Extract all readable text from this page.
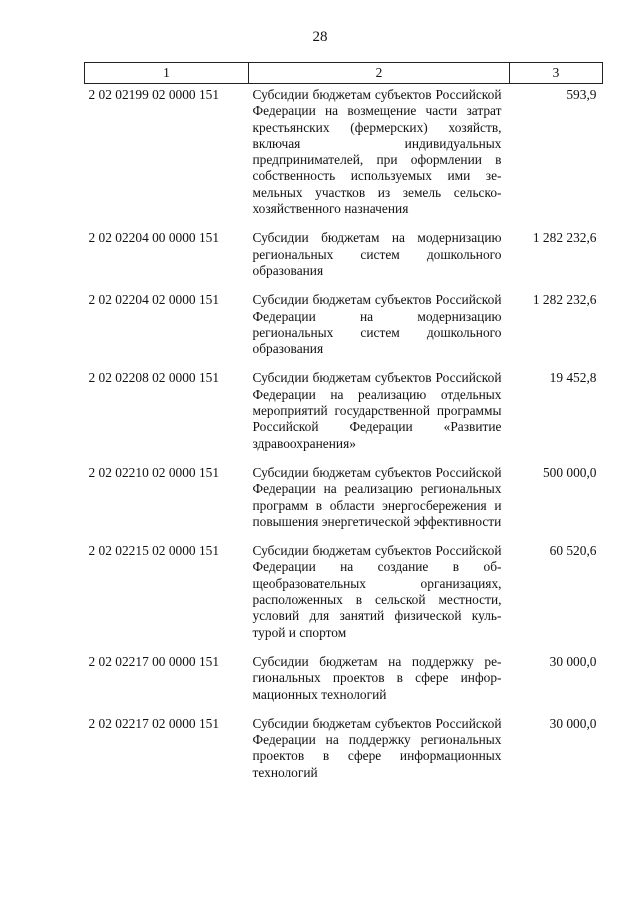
28
1	2	3
2 02 02199 02 0000 151	Субсидии бюджетам субъектов Российской Федерации на возмещение части затрат крестьянских (фермерских) хозяйств, включая индивидуальных предпринимателей, при оформлении в собственность используемых ими земельных участков из земель сельскохозяйственного назначения	593,9
2 02 02204 00 0000 151	Субсидии бюджетам на модернизацию региональных систем дошкольного образования	1 282 232,6
2 02 02204 02 0000 151	Субсидии бюджетам субъектов Российской Федерации на модернизацию региональных систем дошкольного образования	1 282 232,6
2 02 02208 02 0000 151	Субсидии бюджетам субъектов Российской Федерации на реализацию отдельных мероприятий государственной программы Российской Федерации «Развитие здравоохранения»	19 452,8
2 02 02210 02 0000 151	Субсидии бюджетам субъектов Российской Федерации на реализацию региональных программ в области энергосбережения и повышения энергетической эффективности	500 000,0
2 02 02215 02 0000 151	Субсидии бюджетам субъектов Российской Федерации на создание в общеобразовательных организациях, расположенных в сельской местности, условий для занятий физической культурой и спортом	60 520,6
2 02 02217 00 0000 151	Субсидии бюджетам на поддержку региональных проектов в сфере информационных технологий	30 000,0
2 02 02217 02 0000 151	Субсидии бюджетам субъектов Российской Федерации на поддержку региональных проектов в сфере информационных технологий	30 000,0
